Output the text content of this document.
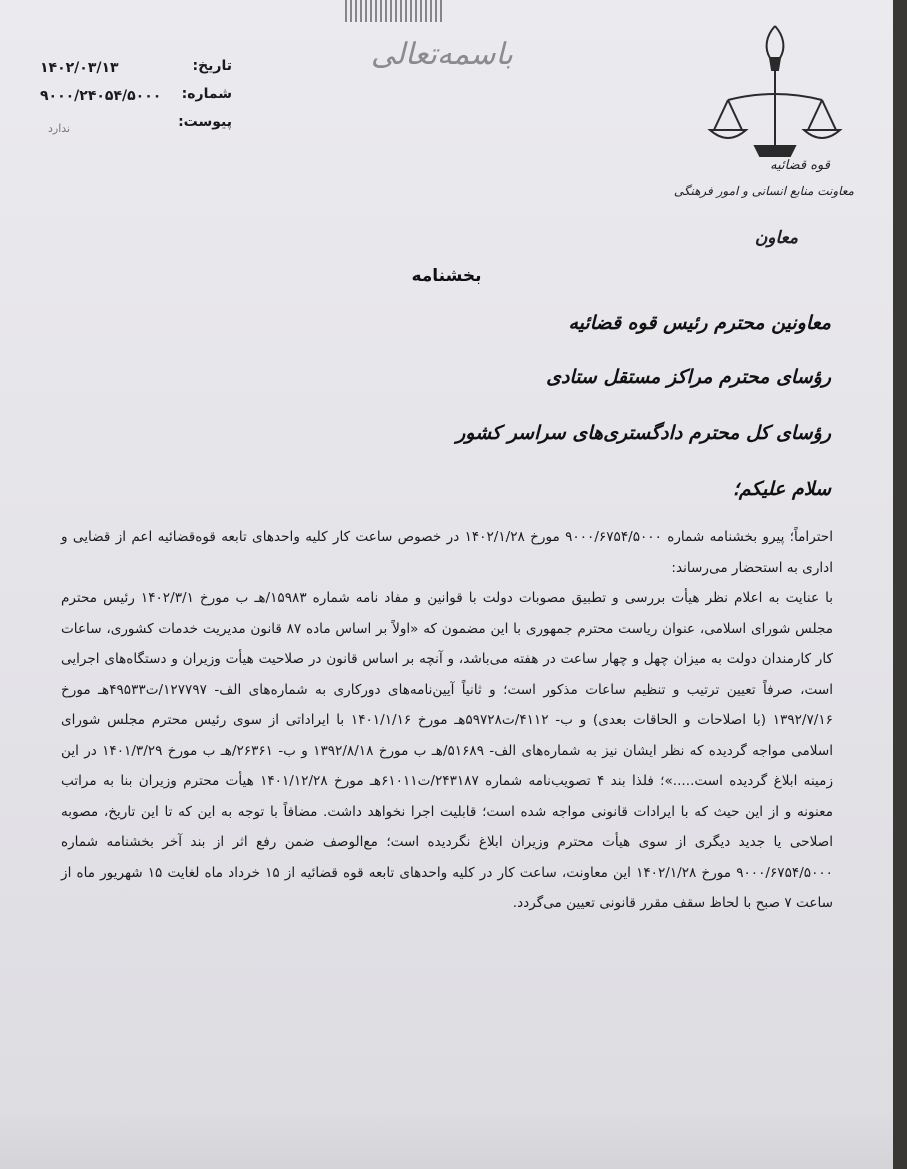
باسمه‌تعالی
تاریخ:
۱۴۰۲/۰۳/۱۳
شماره:
۹۰۰۰/۲۴۰۵۴/۵۰۰۰
پیوست:
ندارد
قوه قضائیه
معاونت منابع انسانی و امور فرهنگی
معاون
بخشنامه
معاونین محترم رئیس قوه قضائیه
رؤسای محترم مراکز مستقل ستادی
رؤسای کل محترم دادگستری‌های سراسر کشور
سلام علیکم؛

احتراماً؛ پیرو بخشنامه شماره ۹۰۰۰/۶۷۵۴/۵۰۰۰ مورخ ۱۴۰۲/۱/۲۸ در خصوص ساعت کار کلیه واحدهای تابعه قوه‌قضائیه اعم از قضایی و اداری به استحضار می‌رساند:

با عنایت به اعلام نظر هیأت بررسی و تطبیق مصوبات دولت با قوانین و مفاد نامه شماره ۱۵۹۸۳/هـ ب مورخ ۱۴۰۲/۳/۱ رئیس محترم مجلس شورای اسلامی، عنوان ریاست محترم جمهوری با این مضمون که «اولاً بر اساس ماده ۸۷ قانون مدیریت خدمات کشوری، ساعات کار کارمندان دولت به میزان چهل و چهار ساعت در هفته می‌باشد، و آنچه بر اساس قانون در صلاحیت هیأت وزیران و دستگاه‌های اجرایی است، صرفاً تعیین ترتیب و تنظیم ساعات مذکور است؛ و ثانیاً آیین‌نامه‌های دورکاری به شماره‌های الف- ۱۲۷۷۹۷/ت۴۹۵۳۳هـ مورخ ۱۳۹۲/۷/۱۶ (با اصلاحات و الحاقات بعدی) و ب- ۴۱۱۲/ت۵۹۷۲۸هـ مورخ ۱۴۰۱/۱/۱۶ با ایراداتی از سوی رئیس محترم مجلس شورای اسلامی مواجه گردیده که نظر ایشان نیز به شماره‌های الف- ۵۱۶۸۹/هـ ب مورخ ۱۳۹۲/۸/۱۸ و ب- ۲۶۳۶۱/هـ ب مورخ ۱۴۰۱/۳/۲۹ در این زمینه ابلاغ گردیده است.....»؛ فلذا بند ۴ تصویب‌نامه شماره ۲۴۳۱۸۷/ت۶۱۰۱۱هـ مورخ ۱۴۰۱/۱۲/۲۸ هیأت محترم وزیران بنا به مراتب معنونه و از این حیث که با ایرادات قانونی مواجه شده است؛ قابلیت اجرا نخواهد داشت. مضافاً با توجه به این که تا این تاریخ، مصوبه اصلاحی یا جدید دیگری از سوی هیأت محترم وزیران ابلاغ نگردیده است؛ مع‌الوصف ضمن رفع اثر از بند آخر بخشنامه شماره ۹۰۰۰/۶۷۵۴/۵۰۰۰ مورخ ۱۴۰۲/۱/۲۸ این معاونت، ساعت کار در کلیه واحدهای تابعه قوه قضائیه از ۱۵ خرداد ماه لغایت ۱۵ شهریور ماه از ساعت ۷ صبح با لحاظ سقف مقرر قانونی تعیین می‌گردد.
